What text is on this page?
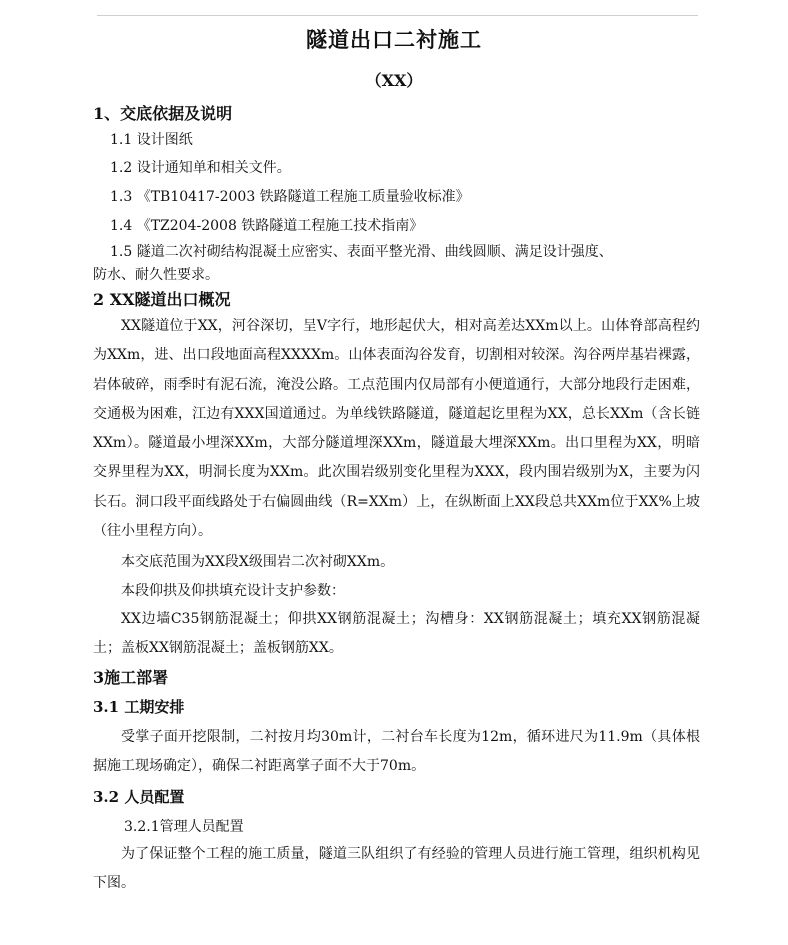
隧道出口二衬施工
（XX）
1、交底依据及说明
1.1 设计图纸
1.2 设计通知单和相关文件。
1.3 《TB10417-2003 铁路隧道工程施工质量验收标准》
1.4 《TZ204-2008 铁路隧道工程施工技术指南》
1.5 隧道二次衬砌结构混凝土应密实、表面平整光滑、曲线圆顺、满足设计强度、
防水、耐久性要求。
2 XX隧道出口概况

XX隧道位于XX，河谷深切，呈V字行，地形起伏大，相对高差达XXm以上。山体脊部高程约为XXm，进、出口段地面高程XXXXm。山体表面沟谷发育，切割相对较深。沟谷两岸基岩裸露，岩体破碎，雨季时有泥石流，淹没公路。工点范围内仅局部有小便道通行，大部分地段行走困难，交通极为困难，江边有XXX国道通过。为单线铁路隧道，隧道起讫里程为XX，总长XXm（含长链XXm）。隧道最小埋深XXm，大部分隧道埋深XXm，隧道最大埋深XXm。出口里程为XX，明暗交界里程为XX，明洞长度为XXm。此次围岩级别变化里程为XXX，段内围岩级别为X，主要为闪长石。洞口段平面线路处于右偏圆曲线（R=XXm）上，在纵断面上XX段总共XXm位于XX%上坡（往小里程方向）。

本交底范围为XX段X级围岩二次衬砌XXm。
本段仰拱及仰拱填充设计支护参数：

XX边墙C35钢筋混凝土；仰拱XX钢筋混凝土；沟槽身：XX钢筋混凝土；填充XX钢筋混凝土；盖板XX钢筋混凝土；盖板钢筋XX。

3施工部署
3.1 工期安排

受掌子面开挖限制，二衬按月均30m计，二衬台车长度为12m，循环进尺为11.9m（具体根据施工现场确定），确保二衬距离掌子面不大于70m。

3.2 人员配置
3.2.1管理人员配置

为了保证整个工程的施工质量，隧道三队组织了有经验的管理人员进行施工管理，组织机构见下图。
